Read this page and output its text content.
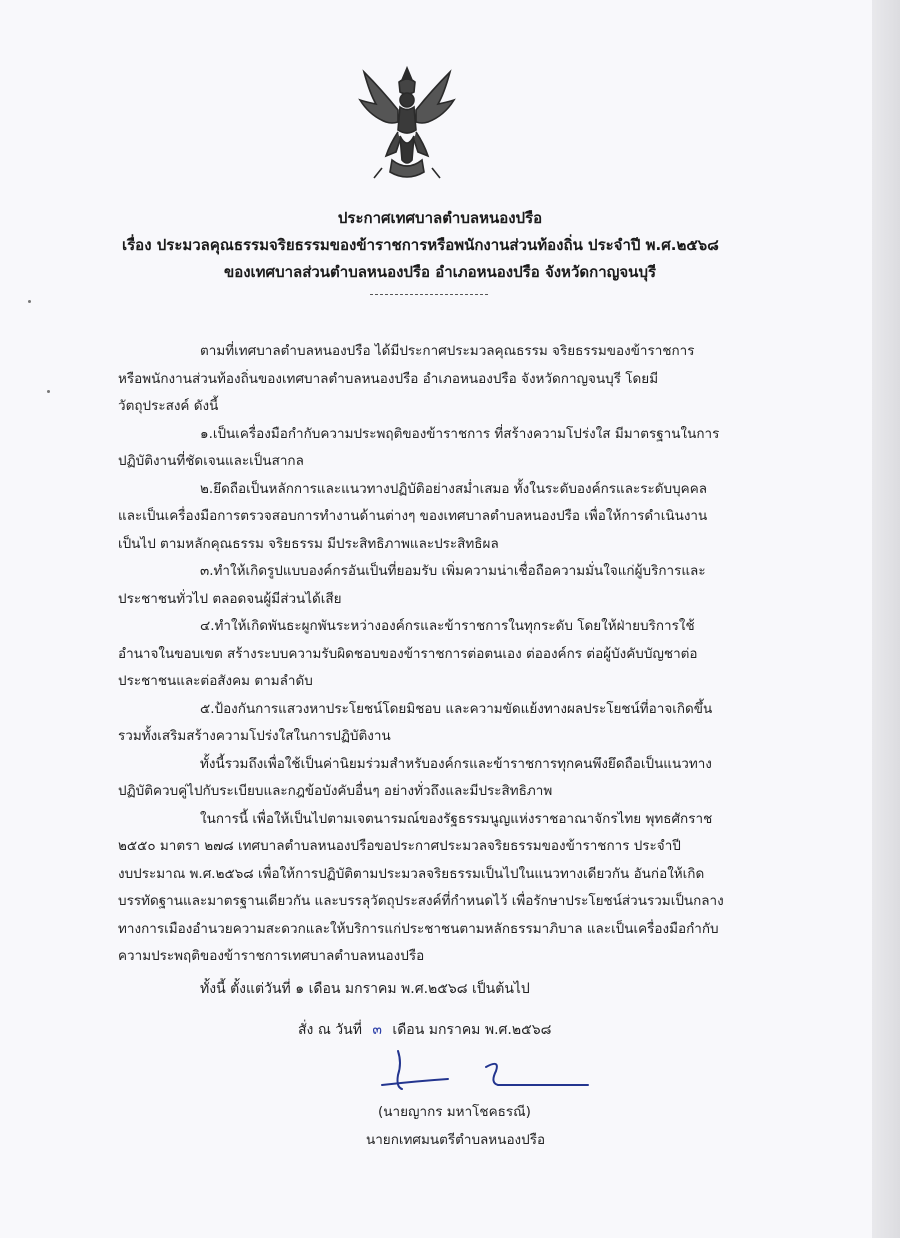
ประกาศเทศบาลตำบลหนองปรือ
เรื่อง ประมวลคุณธรรมจริยธรรมของข้าราชการหรือพนักงานส่วนท้องถิ่น ประจำปี พ.ศ.๒๕๖๘
ของเทศบาลส่วนตำบลหนองปรือ อำเภอหนองปรือ จังหวัดกาญจนบุรี
ตามที่เทศบาลตำบลหนองปรือ ได้มีประกาศประมวลคุณธรรม จริยธรรมของข้าราชการ
หรือพนักงานส่วนท้องถิ่นของเทศบาลตำบลหนองปรือ อำเภอหนองปรือ จังหวัดกาญจนบุรี โดยมี
วัตถุประสงค์ ดังนี้
๑.เป็นเครื่องมือกำกับความประพฤติของข้าราชการ ที่สร้างความโปร่งใส มีมาตรฐานในการ
ปฏิบัติงานที่ชัดเจนและเป็นสากล
๒.ยึดถือเป็นหลักการและแนวทางปฏิบัติอย่างสม่ำเสมอ ทั้งในระดับองค์กรและระดับบุคคล
และเป็นเครื่องมือการตรวจสอบการทำงานด้านต่างๆ ของเทศบาลตำบลหนองปรือ เพื่อให้การดำเนินงาน
เป็นไป ตามหลักคุณธรรม จริยธรรม มีประสิทธิภาพและประสิทธิผล
๓.ทำให้เกิดรูปแบบองค์กรอันเป็นที่ยอมรับ เพิ่มความน่าเชื่อถือความมั่นใจแก่ผู้บริการและ
ประชาชนทั่วไป ตลอดจนผู้มีส่วนได้เสีย
๔.ทำให้เกิดพันธะผูกพันระหว่างองค์กรและข้าราชการในทุกระดับ โดยให้ฝ่ายบริการใช้
อำนาจในขอบเขต สร้างระบบความรับผิดชอบของข้าราชการต่อตนเอง ต่อองค์กร ต่อผู้บังคับบัญชาต่อ
ประชาชนและต่อสังคม ตามลำดับ
๕.ป้องกันการแสวงหาประโยชน์โดยมิชอบ และความขัดแย้งทางผลประโยชน์ที่อาจเกิดขึ้น
รวมทั้งเสริมสร้างความโปร่งใสในการปฏิบัติงาน
ทั้งนี้รวมถึงเพื่อใช้เป็นค่านิยมร่วมสำหรับองค์กรและข้าราชการทุกคนพึงยึดถือเป็นแนวทาง
ปฏิบัติควบคู่ไปกับระเบียบและกฎข้อบังคับอื่นๆ อย่างทั่วถึงและมีประสิทธิภาพ
ในการนี้ เพื่อให้เป็นไปตามเจตนารมณ์ของรัฐธรรมนูญแห่งราชอาณาจักรไทย พุทธศักราช
๒๕๕๐ มาตรา ๒๗๘ เทศบาลตำบลหนองปรือขอประกาศประมวลจริยธรรมของข้าราชการ ประจำปี
งบประมาณ พ.ศ.๒๕๖๘ เพื่อให้การปฏิบัติตามประมวลจริยธรรมเป็นไปในแนวทางเดียวกัน อันก่อให้เกิด
บรรทัดฐานและมาตรฐานเดียวกัน และบรรลุวัตถุประสงค์ที่กำหนดไว้ เพื่อรักษาประโยชน์ส่วนรวมเป็นกลาง
ทางการเมืองอำนวยความสะดวกและให้บริการแก่ประชาชนตามหลักธรรมาภิบาล และเป็นเครื่องมือกำกับ
ความประพฤติของข้าราชการเทศบาลตำบลหนองปรือ
ทั้งนี้ ตั้งแต่วันที่ ๑ เดือน มกราคม พ.ศ.๒๕๖๘ เป็นต้นไป
สั่ง ณ วันที่ ๓ เดือน มกราคม พ.ศ.๒๕๖๘
(นายญากร มหาโชคธรณี)
นายกเทศมนตรีตำบลหนองปรือ
